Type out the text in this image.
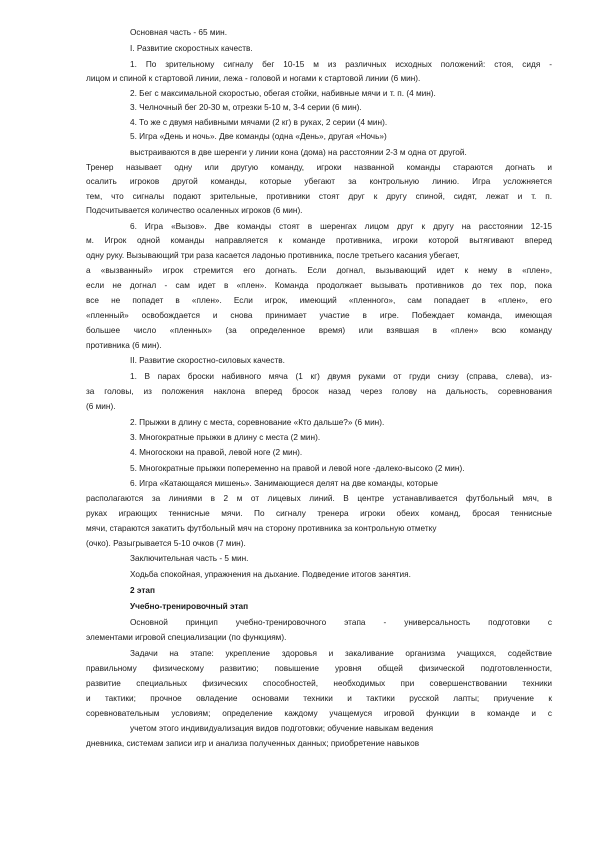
Основная часть - 65 мин.
I. Развитие скоростных качеств.
1. По зрительному сигналу бег 10-15 м из различных исходных положений: стоя, сидя -
лицом и спиной к стартовой линии, лежа - головой и ногами к стартовой линии (6 мин).
2. Бег с максимальной скоростью, обегая стойки, набивные мячи и т. п. (4 мин).
3. Челночный бег 20-30 м, отрезки 5-10 м, 3-4 серии (6 мин).
4. То же с двумя набивными мячами (2 кг) в руках, 2 серии (4 мин).
5. Игра «День и ночь». Две команды (одна «День», другая «Ночь»)
выстраиваются в две шеренги у линии кона (дома) на расстоянии 2-3 м одна от другой.
Тренер называет одну или другую команду, игроки названной команды стараются догнать и
осалить игроков другой команды, которые убегают за контрольную линию. Игра усложняется
тем, что сигналы подают зрительные, противники стоят друг к другу спиной, сидят, лежат и т. п.
Подсчитывается количество осаленных игроков (6 мин).
6. Игра «Вызов». Две команды стоят в шеренгах лицом друг к другу на расстоянии 12-15
м. Игрок одной команды направляется к команде противника, игроки которой вытягивают вперед
одну руку. Вызывающий три раза касается ладонью противника, после третьего касания убегает,
а «вызванный» игрок стремится его догнать. Если догнал, вызывающий идет к нему в «плен»,
если не догнал - сам идет в «плен». Команда продолжает вызывать противников до тех пор, пока
все не попадет в «плен». Если игрок, имеющий «пленного», сам попадает в «плен», его
«пленный» освобождается и снова принимает участие в игре. Побеждает команда, имеющая
большее число «пленных» (за определенное время) или взявшая в «плен» всю команду
противника (6 мин).
II. Развитие скоростно-силовых качеств.
1. В парах броски набивного мяча (1 кг) двумя руками от груди снизу (справа, слева), из-
за головы, из положения наклона вперед бросок назад через голову на дальность, соревнования
(6 мин).
2. Прыжки в длину с места, соревнование «Кто дальше?» (6 мин).
3. Многократные прыжки в длину с места (2 мин).
4. Многоскоки на правой, левой ноге (2 мин).
5. Многократные прыжки попеременно на правой и левой ноге -далеко-высоко (2 мин).
6. Игра «Катающаяся мишень». Занимающиеся делят на две команды, которые
располагаются за линиями в 2 м от лицевых линий. В центре устанавливается футбольный мяч, в
руках играющих теннисные мячи. По сигналу тренера игроки обеих команд, бросая теннисные
мячи, стараются закатить футбольный мяч на сторону противника за контрольную отметку
(очко). Разыгрывается 5-10 очков (7 мин).
Заключительная часть - 5 мин.
Ходьба спокойная, упражнения на дыхание. Подведение итогов занятия.
2 этап
Учебно-тренировочный этап
Основной принцип учебно-тренировочного этапа - универсальность подготовки с
элементами игровой специализации (по функциям).
Задачи на этапе: укрепление здоровья и закаливание организма учащихся, содействие
правильному физическому развитию; повышение уровня общей физической подготовленности,
развитие специальных физических способностей, необходимых при совершенствовании техники
и тактики; прочное овладение основами техники и тактики русской лапты; приучение к
соревновательным условиям; определение каждому учащемуся игровой функции в команде и с
учетом этого индивидуализация видов подготовки; обучение навыкам ведения
дневника, системам записи игр и анализа полученных данных; приобретение навыков
